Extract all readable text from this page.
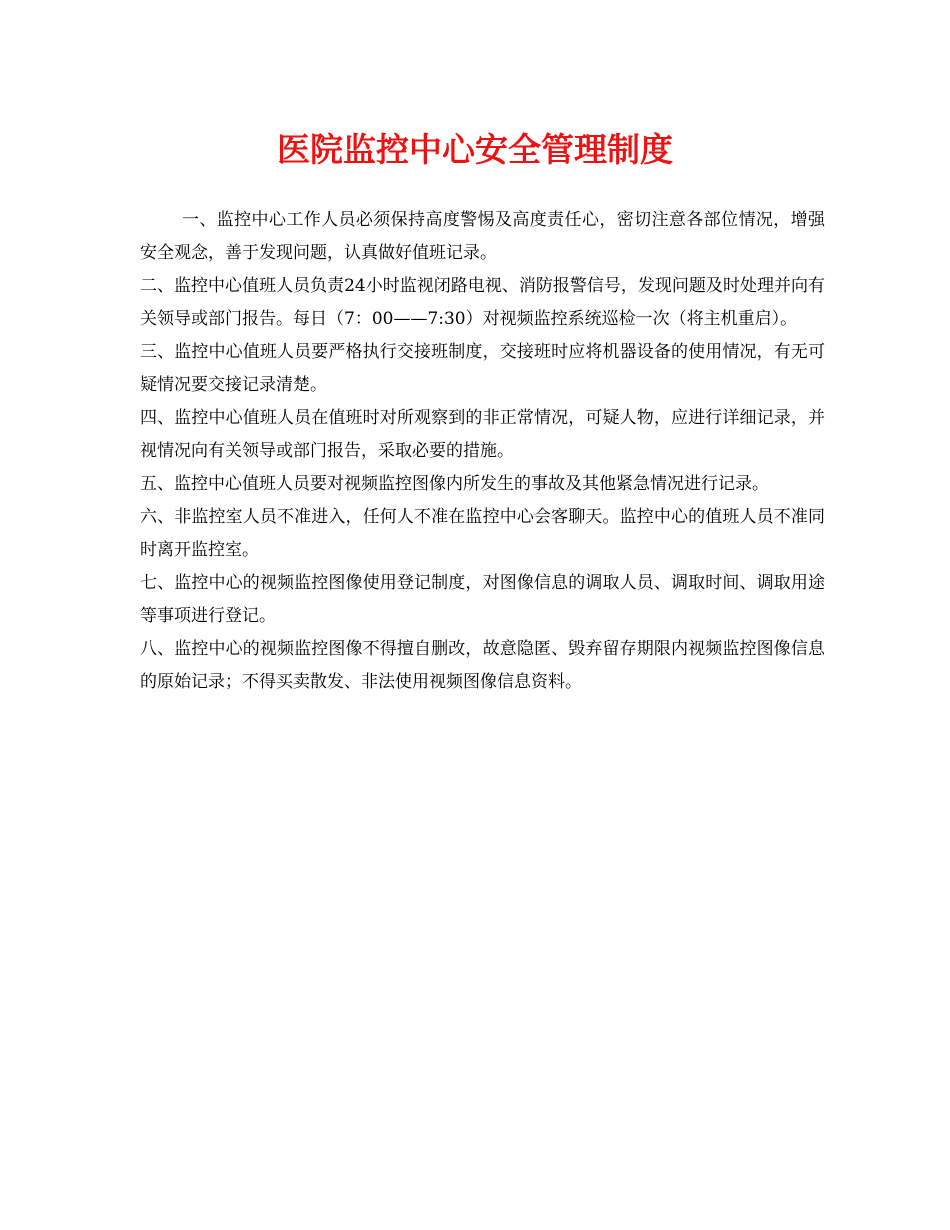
医院监控中心安全管理制度

一、监控中心工作人员必须保持高度警惕及高度责任心，密切注意各部位情况，增强安全观念，善于发现问题，认真做好值班记录。

二、监控中心值班人员负责24小时监视闭路电视、消防报警信号，发现问题及时处理并向有关领导或部门报告。每日（7：00——7:30）对视频监控系统巡检一次（将主机重启）。

三、监控中心值班人员要严格执行交接班制度，交接班时应将机器设备的使用情况，有无可疑情况要交接记录清楚。

四、监控中心值班人员在值班时对所观察到的非正常情况，可疑人物，应进行详细记录，并视情况向有关领导或部门报告，采取必要的措施。

五、监控中心值班人员要对视频监控图像内所发生的事故及其他紧急情况进行记录。

六、非监控室人员不准进入，任何人不准在监控中心会客聊天。监控中心的值班人员不准同时离开监控室。

七、监控中心的视频监控图像使用登记制度，对图像信息的调取人员、调取时间、调取用途等事项进行登记。

八、监控中心的视频监控图像不得擅自删改，故意隐匿、毁弃留存期限内视频监控图像信息的原始记录；不得买卖散发、非法使用视频图像信息资料。
